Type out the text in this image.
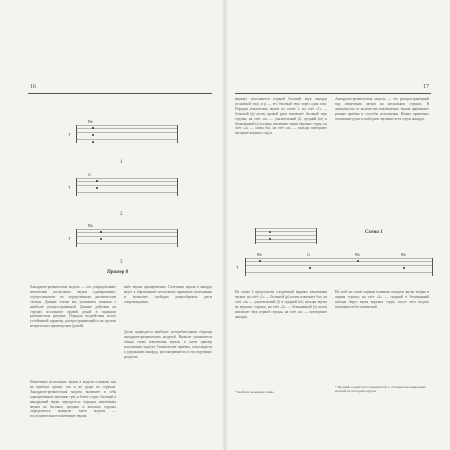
16
Bb
Т
1
G
Т
2
Bb
Т
3
Пример 8

Аккордово-ритмическая модель — это упорядоченное извлечение нескольких звуков одновременно, осуществляемое по определённым ритмическим схемам. Данные схемы мы указываем, начиная с наиболее распространённой. Данные действия на струнах исполняют правой рукой в заданном ритмическом рисунке. Порядок воздействия носит устойчивый характер, распространяющийся на группы метрических промежутков (долей).

Извлечение нескольких звуков в модели основано как на приёмах щипка, так и на удара по струнам. Аккордово-ритмическая модель включает в себя одновременное звучание трёх и более струн; басовый и аккордовый звуки чередуются; порядок извлечения звуков на басовых, средних и высоких струнах определяется номером такта модели — последовательное извлечение звуков.

набе звуков одновременно. Сочетание звуков в аккорде ведёт к образованию нескольких вариантов исполнения и позволяет свободно разнообразить ритм сопровождения.

Далее приводится наиболее употребительные образцы аккордово-ритмических моделей. Вначале указывается общая схема извлечения звуков, а затем пример исполнения модели. Технические приёмы, относящиеся к удержанию аккорда, рассматриваются в последующих разделах.

17

вариант исполняется первый басовый звук аккорда (основной тон), и р — его басовый звук через один такт. Порядок извлечения звуков по схеме 1: на счёт «1» — большой (p) палец правой руки извлекает басовый звук струны; на счёт «и» — указательный (i), средний (m) и безымянный (a) пальцы извлекают звуки верхних струн; на счёт «2» — снова бас, на счёт «и» — пальцы повторяют звучание верхних струн.

Аккордово-ритмическая модель — это распространённый вид извлечения звуков на нескольких струнах. В зависимости от количества извлекаемых звуков применяют разные приёмы и способы исполнения. Важно правильно положение руки и свободное звучание всех струн аккорда.

Схема 1
Bb	G	Bb	Bb
Т

На схеме 2 представлен следующий вариант извлечения звуков: на счёт «1» — большой (p) палец извлекает бас; на счёт «и» — указательный (i) и средний (m) пальцы звучат на верхних струнах; на счёт «2» — безымянный (a) палец извлекает звук первой струны, на счёт «и» — повторение аккорда.

На этой же схеме первым плавным пальцем звучат вторая и первая струны; на счёт «2» — средний и безымянный пальцы берут звуки верхних струн, после чего модель повторяется без изменений.

* Колбасы пальцевые схемы

* Звучание создаётся на совокупности 1–16 вариантов аккордовых моделей на www.guitar-gpsy.ru
